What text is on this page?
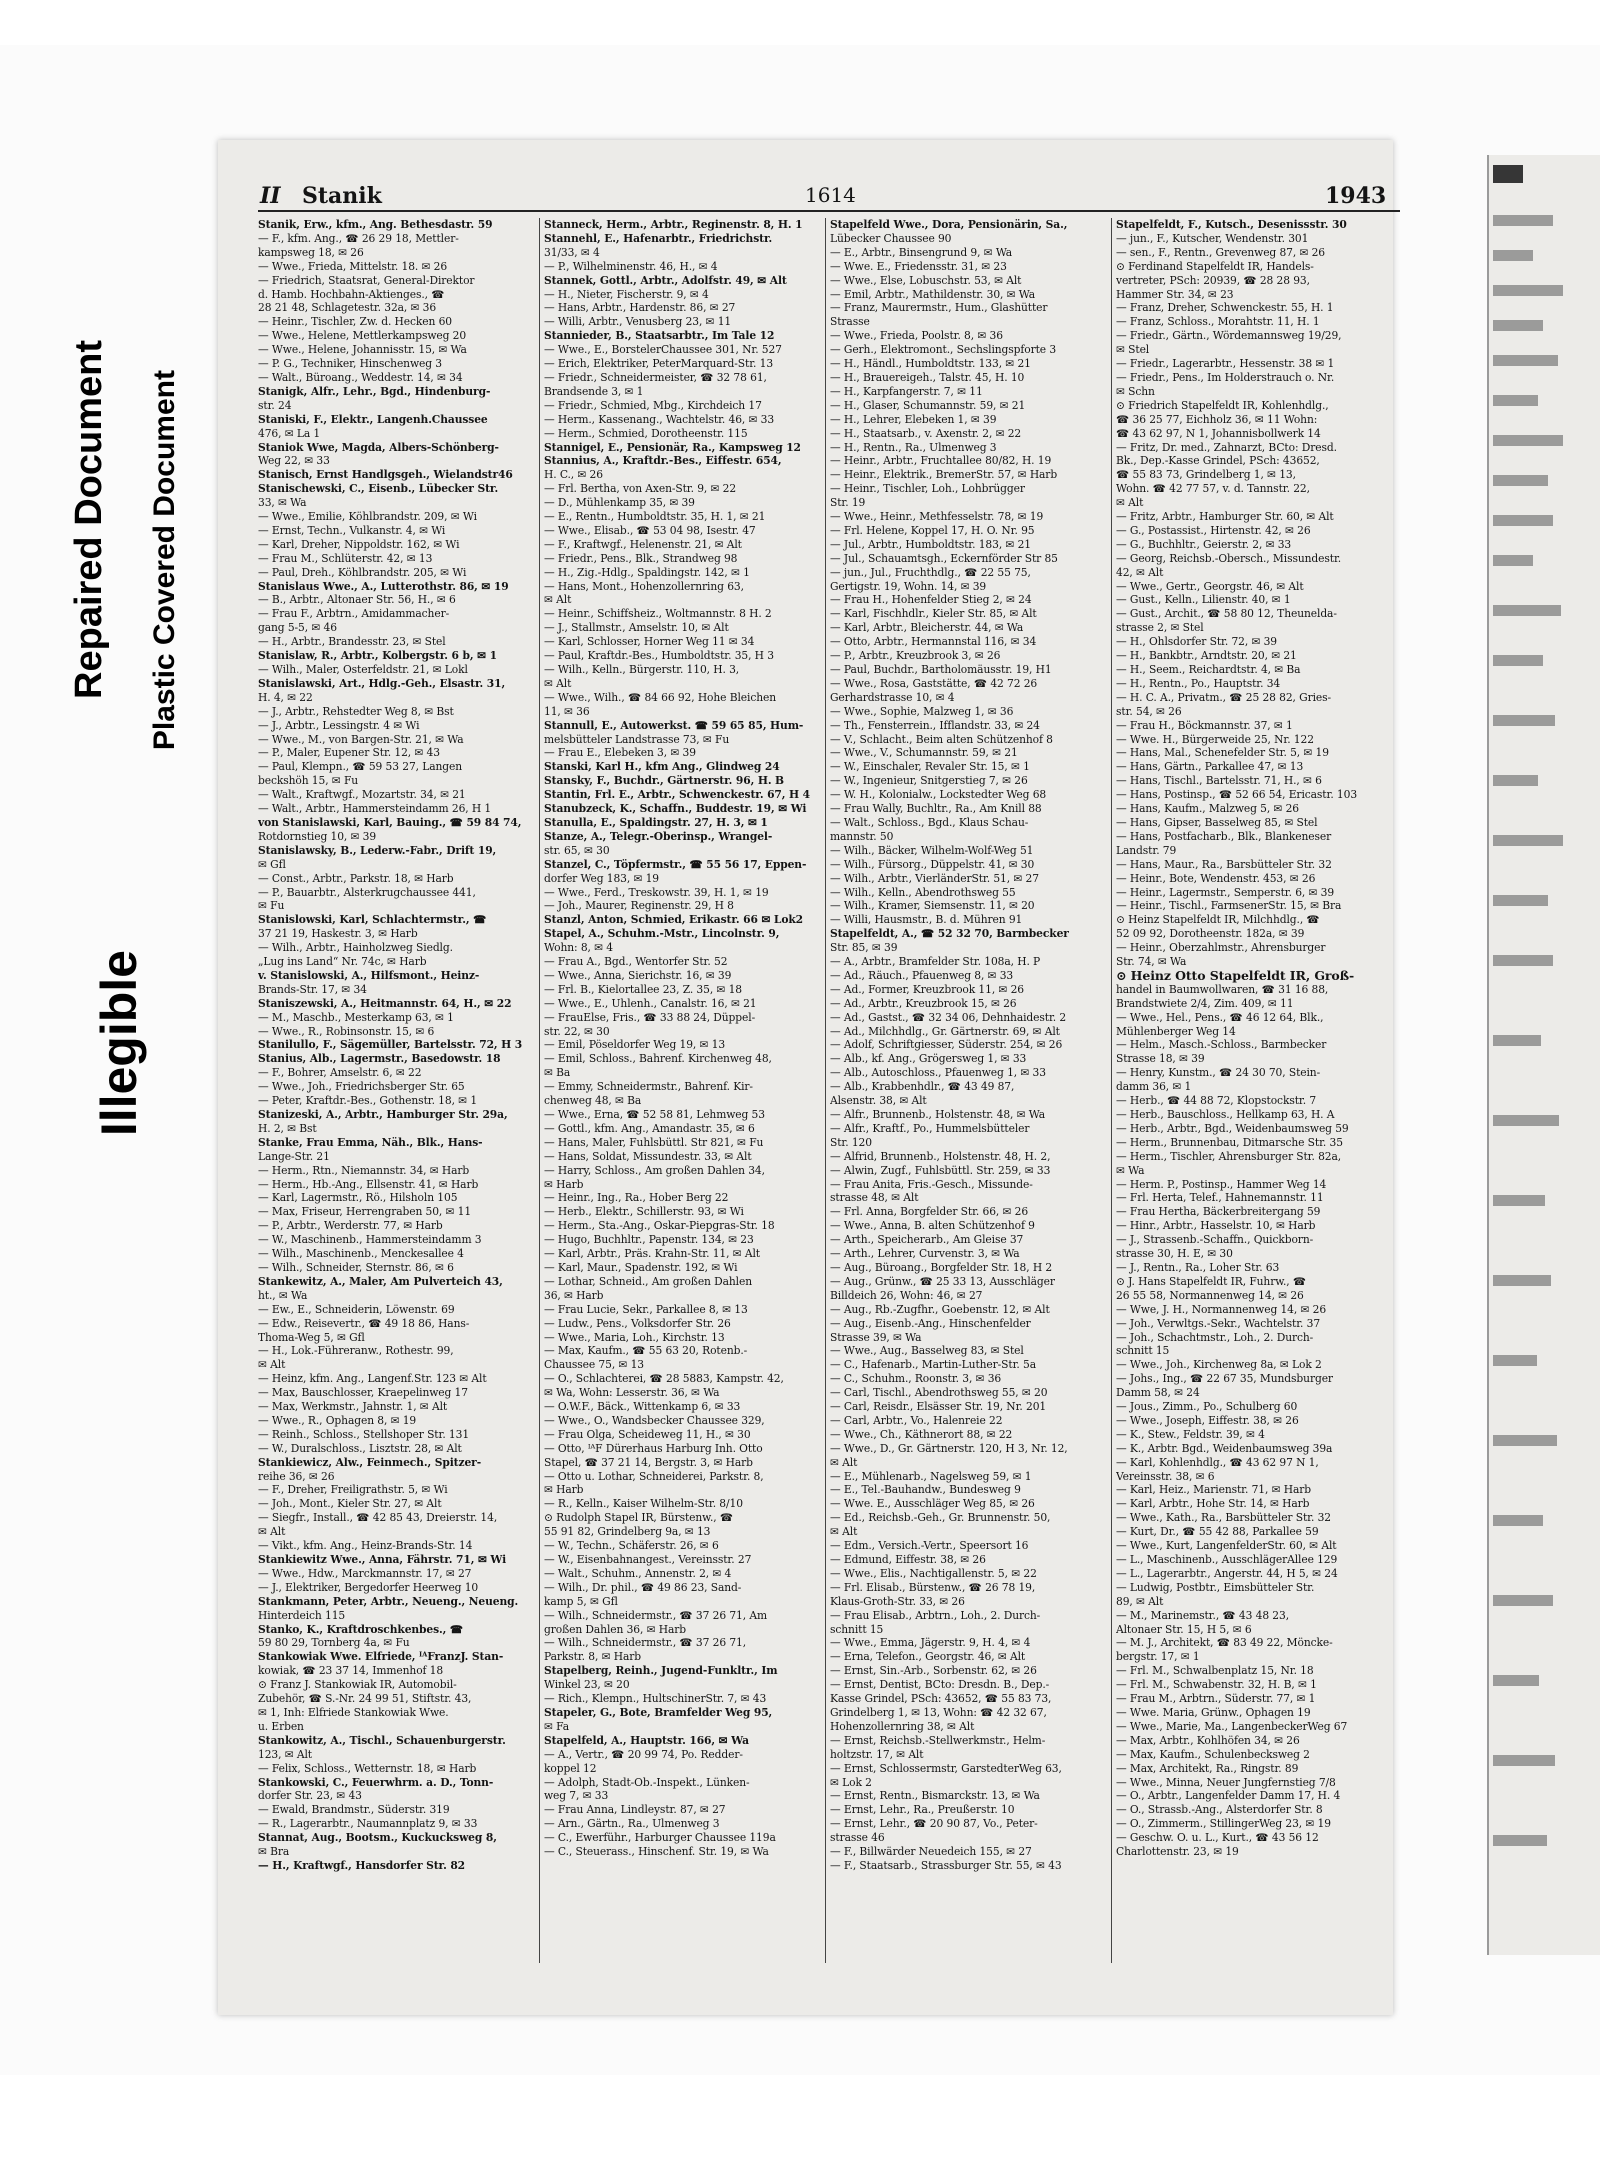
Repaired Document Plastic Covered Document
Illegible
II Stanik	1614	1943
Stanik, Erw., kfm., Ang. Bethesdastr. 59
— F., kfm. Ang., ☎ 26 29 18, Mettler-
kampsweg 18, ✉ 26
— Wwe., Frieda, Mittelstr. 18. ✉ 26
— Friedrich, Staatsrat, General-Direktor
d. Hamb. Hochbahn-Aktienges., ☎
28 21 48, Schlagetestr. 32a, ✉ 36
— Heinr., Tischler, Zw. d. Hecken 60
— Wwe., Helene, Mettlerkampsweg 20
— Wwe., Helene, Johannisstr. 15, ✉ Wa
— P. G., Techniker, Hinschenweg 3
— Walt., Büroang., Weddestr. 14, ✉ 34
Stanigk, Alfr., Lehr., Bgd., Hindenburg-
str. 24
Staniski, F., Elektr., Langenh.Chaussee
476, ✉ La 1
Staniok Wwe, Magda, Albers-Schönberg-
Weg 22, ✉ 33
Stanisch, Ernst Handlgsgeh., Wielandstr46
Stanischewski, C., Eisenb., Lübecker Str.
33, ✉ Wa
— Wwe., Emilie, Köhlbrandstr. 209, ✉ Wi
— Ernst, Techn., Vulkanstr. 4, ✉ Wi
— Karl, Dreher, Nippoldstr. 162, ✉ Wi
— Frau M., Schlüterstr. 42, ✉ 13
— Paul, Dreh., Köhlbrandstr. 205, ✉ Wi
Stanislaus Wwe., A., Lutterothstr. 86, ✉ 19
— B., Arbtr., Altonaer Str. 56, H., ✉ 6
— Frau F., Arbtrn., Amidammacher-
gang 5-5, ✉ 46
— H., Arbtr., Brandesstr. 23, ✉ Stel
Stanislaw, R., Arbtr., Kolbergstr. 6 b, ✉ 1
— Wilh., Maler, Osterfeldstr. 21, ✉ Lokl
Stanislawski, Art., Hdlg.-Geh., Elsastr. 31,
H. 4, ✉ 22
— J., Arbtr., Rehstedter Weg 8, ✉ Bst
— J., Arbtr., Lessingstr. 4 ✉ Wi
— Wwe., M., von Bargen-Str. 21, ✉ Wa
— P., Maler, Eupener Str. 12, ✉ 43
— Paul, Klempn., ☎ 59 53 27, Langen
beckshöh 15, ✉ Fu
— Walt., Kraftwgf., Mozartstr. 34, ✉ 21
— Walt., Arbtr., Hammersteindamm 26, H 1
von Stanislawski, Karl, Bauing., ☎ 59 84 74,
Rotdornstieg 10, ✉ 39
Stanislawsky, B., Lederw.-Fabr., Drift 19,
✉ Gfl
— Const., Arbtr., Parkstr. 18, ✉ Harb
— P., Bauarbtr., Alsterkrugchaussee 441,
✉ Fu
Stanislowski, Karl, Schlachtermstr., ☎
37 21 19, Haskestr. 3, ✉ Harb
— Wilh., Arbtr., Hainholzweg Siedlg.
„Lug ins Land“ Nr. 74c, ✉ Harb
v. Stanislowski, A., Hilfsmont., Heinz-
Brands-Str. 17, ✉ 34
Staniszewski, A., Heitmannstr. 64, H., ✉ 22
— M., Maschb., Mesterkamp 63, ✉ 1
— Wwe., R., Robinsonstr. 15, ✉ 6
Stanilullo, F., Sägemüller, Bartelsstr. 72, H 3
Stanius, Alb., Lagermstr., Basedowstr. 18
— F., Bohrer, Amselstr. 6, ✉ 22
— Wwe., Joh., Friedrichsberger Str. 65
— Peter, Kraftdr.-Bes., Gothenstr. 18, ✉ 1
Stanizeski, A., Arbtr., Hamburger Str. 29a,
H. 2, ✉ Bst
Stanke, Frau Emma, Näh., Blk., Hans-
Lange-Str. 21
— Herm., Rtn., Niemannstr. 34, ✉ Harb
— Herm., Hb.-Ang., Ellsenstr. 41, ✉ Harb
— Karl, Lagermstr., Rö., Hilsholn 105
— Max, Friseur, Herrengraben 50, ✉ 11
— P., Arbtr., Werderstr. 77, ✉ Harb
— W., Maschinenb., Hammersteindamm 3
— Wilh., Maschinenb., Menckesallee 4
— Wilh., Schneider, Sternstr. 86, ✉ 6
Stankewitz, A., Maler, Am Pulverteich 43,
ht., ✉ Wa
— Ew., E., Schneiderin, Löwenstr. 69
— Edw., Reisevertr., ☎ 49 18 86, Hans-
Thoma-Weg 5, ✉ Gfl
— H., Lok.-Führeranw., Rothestr. 99,
✉ Alt
— Heinz, kfm. Ang., Langenf.Str. 123 ✉ Alt
— Max, Bauschlosser, Kraepelinweg 17
— Max, Werkmstr., Jahnstr. 1, ✉ Alt
— Wwe., R., Ophagen 8, ✉ 19
— Reinh., Schloss., Stellshoper Str. 131
— W., Duralschloss., Lisztstr. 28, ✉ Alt
Stankiewicz, Alw., Feinmech., Spitzer-
reihe 36, ✉ 26
— F., Dreher, Freiligrathstr. 5, ✉ Wi
— Joh., Mont., Kieler Str. 27, ✉ Alt
— Siegfr., Install., ☎ 42 85 43, Dreierstr. 14,
✉ Alt
— Vikt., kfm. Ang., Heinz-Brands-Str. 14
Stankiewitz Wwe., Anna, Fährstr. 71, ✉ Wi
— Wwe., Hdw., Marckmannstr. 17, ✉ 27
— J., Elektriker, Bergedorfer Heerweg 10
Stankmann, Peter, Arbtr., Neueng., Neueng.
Hinterdeich 115
Stanko, K., Kraftdroschkenbes., ☎
59 80 29, Tornberg 4a, ✉ Fu
Stankowiak Wwe. Elfriede, ᴵᴬFranzJ. Stan-
kowiak, ☎ 23 37 14, Immenhof 18
⊙ Franz J. Stankowiak IR, Automobil-
Zubehör, ☎ S.-Nr. 24 99 51, Stiftstr. 43,
✉ 1, Inh: Elfriede Stankowiak Wwe.
u. Erben
Stankowitz, A., Tischl., Schauenburgerstr.
123, ✉ Alt
— Felix, Schloss., Wetternstr. 18, ✉ Harb
Stankowski, C., Feuerwhrm. a. D., Tonn-
dorfer Str. 23, ✉ 43
— Ewald, Brandmstr., Süderstr. 319
— R., Lagerarbtr., Naumannplatz 9, ✉ 33
Stannat, Aug., Bootsm., Kuckucksweg 8,
✉ Bra
— H., Kraftwgf., Hansdorfer Str. 82
Stanneck, Herm., Arbtr., Reginenstr. 8, H. 1
Stannehl, E., Hafenarbtr., Friedrichstr.
31/33, ✉ 4
— P., Wilhelminenstr. 46, H., ✉ 4
Stannek, Gottl., Arbtr., Adolfstr. 49, ✉ Alt
— H., Nieter, Fischerstr. 9, ✉ 4
— Hans, Arbtr., Hardenstr. 86, ✉ 27
— Willi, Arbtr., Venusberg 23, ✉ 11
Stannieder, B., Staatsarbtr., Im Tale 12
— Wwe., E., BorstelerChaussee 301, Nr. 527
— Erich, Elektriker, PeterMarquard-Str. 13
— Friedr., Schneidermeister, ☎ 32 78 61,
Brandsende 3, ✉ 1
— Friedr., Schmied, Mbg., Kirchdeich 17
— Herm., Kassenang., Wachtelstr. 46, ✉ 33
— Herm., Schmied, Dorotheenstr. 115
Stannigel, E., Pensionär, Ra., Kampsweg 12
Stannius, A., Kraftdr.-Bes., Eiffestr. 654,
H. C., ✉ 26
— Frl. Bertha, von Axen-Str. 9, ✉ 22
— D., Mühlenkamp 35, ✉ 39
— E., Rentn., Humboldtstr. 35, H. 1, ✉ 21
— Wwe., Elisab., ☎ 53 04 98, Isestr. 47
— F., Kraftwgf., Helenenstr. 21, ✉ Alt
— Friedr., Pens., Blk., Strandweg 98
— H., Zig.-Hdlg., Spaldingstr. 142, ✉ 1
— Hans, Mont., Hohenzollernring 63,
✉ Alt
— Heinr., Schiffsheiz., Woltmannstr. 8 H. 2
— J., Stallmstr., Amselstr. 10, ✉ Alt
— Karl, Schlosser, Horner Weg 11 ✉ 34
— Paul, Kraftdr.-Bes., Humboldtstr. 35, H 3
— Wilh., Kelln., Bürgerstr. 110, H. 3,
✉ Alt
— Wwe., Wilh., ☎ 84 66 92, Hohe Bleichen
11, ✉ 36
Stannull, E., Autowerkst. ☎ 59 65 85, Hum-
melsbütteler Landstrasse 73, ✉ Fu
— Frau E., Elebeken 3, ✉ 39
Stanski, Karl H., kfm Ang., Glindweg 24
Stansky, F., Buchdr., Gärtnerstr. 96, H. B
Stantin, Frl. E., Arbtr., Schwenckestr. 67, H 4
Stanubzeck, K., Schaffn., Buddestr. 19, ✉ Wi
Stanulla, E., Spaldingstr. 27, H. 3, ✉ 1
Stanze, A., Telegr.-Oberinsp., Wrangel-
str. 65, ✉ 30
Stanzel, C., Töpfermstr., ☎ 55 56 17, Eppen-
dorfer Weg 183, ✉ 19
— Wwe., Ferd., Treskowstr. 39, H. 1, ✉ 19
— Joh., Maurer, Reginenstr. 29, H 8
Stanzl, Anton, Schmied, Erikastr. 66 ✉ Lok2
Stapel, A., Schuhm.-Mstr., Lincolnstr. 9,
Wohn: 8, ✉ 4
— Frau A., Bgd., Wentorfer Str. 52
— Wwe., Anna, Sierichstr. 16, ✉ 39
— Frl. B., Kielortallee 23, Z. 35, ✉ 18
— Wwe., E., Uhlenh., Canalstr. 16, ✉ 21
— FrauElse, Fris., ☎ 33 88 24, Düppel-
str. 22, ✉ 30
— Emil, Pöseldorfer Weg 19, ✉ 13
— Emil, Schloss., Bahrenf. Kirchenweg 48,
✉ Ba
— Emmy, Schneidermstr., Bahrenf. Kir-
chenweg 48, ✉ Ba
— Wwe., Erna, ☎ 52 58 81, Lehmweg 53
— Gottl., kfm. Ang., Amandastr. 35, ✉ 6
— Hans, Maler, Fuhlsbüttl. Str 821, ✉ Fu
— Hans, Soldat, Missundestr. 33, ✉ Alt
— Harry, Schloss., Am großen Dahlen 34,
✉ Harb
— Heinr., Ing., Ra., Hober Berg 22
— Herb., Elektr., Schillerstr. 93, ✉ Wi
— Herm., Sta.-Ang., Oskar-Piepgras-Str. 18
— Hugo, Buchhltr., Papenstr. 134, ✉ 23
— Karl, Arbtr., Präs. Krahn-Str. 11, ✉ Alt
— Karl, Maur., Spadenstr. 192, ✉ Wi
— Lothar, Schneid., Am großen Dahlen
36, ✉ Harb
— Frau Lucie, Sekr., Parkallee 8, ✉ 13
— Ludw., Pens., Volksdorfer Str. 26
— Wwe., Maria, Loh., Kirchstr. 13
— Max, Kaufm., ☎ 55 63 20, Rotenb.-
Chaussee 75, ✉ 13
— O., Schlachterei, ☎ 28 5883, Kampstr. 42,
✉ Wa, Wohn: Lesserstr. 36, ✉ Wa
— O.W.F., Bäck., Wittenkamp 6, ✉ 33
— Wwe., O., Wandsbecker Chaussee 329,
— Frau Olga, Scheideweg 11, H., ✉ 30
— Otto, ᴵᴬF Dürerhaus Harburg Inh. Otto
Stapel, ☎ 37 21 14, Bergstr. 3, ✉ Harb
— Otto u. Lothar, Schneiderei, Parkstr. 8,
✉ Harb
— R., Kelln., Kaiser Wilhelm-Str. 8/10
⊙ Rudolph Stapel IR, Bürstenw., ☎
55 91 82, Grindelberg 9a, ✉ 13
— W., Techn., Schäferstr. 26, ✉ 6
— W., Eisenbahnangest., Vereinsstr. 27
— Walt., Schuhm., Annenstr. 2, ✉ 4
— Wilh., Dr. phil., ☎ 49 86 23, Sand-
kamp 5, ✉ Gfl
— Wilh., Schneidermstr., ☎ 37 26 71, Am
großen Dahlen 36, ✉ Harb
— Wilh., Schneidermstr., ☎ 37 26 71,
Parkstr. 8, ✉ Harb
Stapelberg, Reinh., Jugend-Funkltr., Im
Winkel 23, ✉ 20
— Rich., Klempn., HultschinerStr. 7, ✉ 43
Stapeler, G., Bote, Bramfelder Weg 95,
✉ Fa
Stapelfeld, A., Hauptstr. 166, ✉ Wa
— A., Vertr., ☎ 20 99 74, Po. Redder-
koppel 12
— Adolph, Stadt-Ob.-Inspekt., Lünken-
weg 7, ✉ 33
— Frau Anna, Lindleystr. 87, ✉ 27
— Arn., Gärtn., Ra., Ulmenweg 3
— C., Ewerführ., Harburger Chaussee 119a
— C., Steuerass., Hinschenf. Str. 19, ✉ Wa
Stapelfeld Wwe., Dora, Pensionärin, Sa.,
Lübecker Chaussee 90
— E., Arbtr., Binsengrund 9, ✉ Wa
— Wwe. E., Friedensstr. 31, ✉ 23
— Wwe., Else, Lobuschstr. 53, ✉ Alt
— Emil, Arbtr., Mathildenstr. 30, ✉ Wa
— Franz, Maurermstr., Hum., Glashütter
Strasse
— Wwe., Frieda, Poolstr. 8, ✉ 36
— Gerh., Elektromont., Sechslingspforte 3
— H., Händl., Humboldtstr. 133, ✉ 21
— H., Brauereigeh., Talstr. 45, H. 10
— H., Karpfangerstr. 7, ✉ 11
— H., Glaser, Schumannstr. 59, ✉ 21
— H., Lehrer, Elebeken 1, ✉ 39
— H., Staatsarb., v. Axenstr. 2, ✉ 22
— H., Rentn., Ra., Ulmenweg 3
— Heinr., Arbtr., Fruchtallee 80/82, H. 19
— Heinr., Elektrik., BremerStr. 57, ✉ Harb
— Heinr., Tischler, Loh., Lohbrügger
Str. 19
— Wwe., Heinr., Methfesselstr. 78, ✉ 19
— Frl. Helene, Koppel 17, H. O. Nr. 95
— Jul., Arbtr., Humboldtstr. 183, ✉ 21
— Jul., Schauamtsgh., Eckernförder Str 85
— jun., Jul., Fruchthdlg., ☎ 22 55 75,
Gertigstr. 19, Wohn. 14, ✉ 39
— Frau H., Hohenfelder Stieg 2, ✉ 24
— Karl, Fischhdlr., Kieler Str. 85, ✉ Alt
— Karl, Arbtr., Bleicherstr. 44, ✉ Wa
— Otto, Arbtr., Hermannstal 116, ✉ 34
— P., Arbtr., Kreuzbrook 3, ✉ 26
— Paul, Buchdr., Bartholomäusstr. 19, H1
— Wwe., Rosa, Gaststätte, ☎ 42 72 26
Gerhardstrasse 10, ✉ 4
— Wwe., Sophie, Malzweg 1, ✉ 36
— Th., Fensterrein., Ifflandstr. 33, ✉ 24
— V., Schlacht., Beim alten Schützenhof 8
— Wwe., V., Schumannstr. 59, ✉ 21
— W., Einschaler, Revaler Str. 15, ✉ 1
— W., Ingenieur, Snitgerstieg 7, ✉ 26
— W. H., Kolonialw., Lockstedter Weg 68
— Frau Wally, Buchltr., Ra., Am Knill 88
— Walt., Schloss., Bgd., Klaus Schau-
mannstr. 50
— Wilh., Bäcker, Wilhelm-Wolf-Weg 51
— Wilh., Fürsorg., Düppelstr. 41, ✉ 30
— Wilh., Arbtr., VierländerStr. 51, ✉ 27
— Wilh., Kelln., Abendrothsweg 55
— Wilh., Kramer, Siemsenstr. 11, ✉ 20
— Willi, Hausmstr., B. d. Mühren 91
Stapelfeldt, A., ☎ 52 32 70, Barmbecker
Str. 85, ✉ 39
— A., Arbtr., Bramfelder Str. 108a, H. P
— Ad., Räuch., Pfauenweg 8, ✉ 33
— Ad., Former, Kreuzbrook 11, ✉ 26
— Ad., Arbtr., Kreuzbrook 15, ✉ 26
— Ad., Gastst., ☎ 32 34 06, Dehnhaidestr. 2
— Ad., Milchhdlg., Gr. Gärtnerstr. 69, ✉ Alt
— Adolf, Schriftgiesser, Süderstr. 254, ✉ 26
— Alb., kf. Ang., Grögersweg 1, ✉ 33
— Alb., Autoschloss., Pfauenweg 1, ✉ 33
— Alb., Krabbenhdlr., ☎ 43 49 87,
Alsenstr. 38, ✉ Alt
— Alfr., Brunnenb., Holstenstr. 48, ✉ Wa
— Alfr., Kraftf., Po., Hummelsbütteler
Str. 120
— Alfrid, Brunnenb., Holstenstr. 48, H. 2,
— Alwin, Zugf., Fuhlsbüttl. Str. 259, ✉ 33
— Frau Anita, Fris.-Gesch., Missunde-
strasse 48, ✉ Alt
— Frl. Anna, Borgfelder Str. 66, ✉ 26
— Wwe., Anna, B. alten Schützenhof 9
— Arth., Speicherarb., Am Gleise 37
— Arth., Lehrer, Curvenstr. 3, ✉ Wa
— Aug., Büroang., Borgfelder Str. 18, H 2
— Aug., Grünw., ☎ 25 33 13, Ausschläger
Billdeich 26, Wohn: 46, ✉ 27
— Aug., Rb.-Zugfhr., Goebenstr. 12, ✉ Alt
— Aug., Eisenb.-Ang., Hinschenfelder
Strasse 39, ✉ Wa
— Wwe., Aug., Basselweg 83, ✉ Stel
— C., Hafenarb., Martin-Luther-Str. 5a
— C., Schuhm., Roonstr. 3, ✉ 36
— Carl, Tischl., Abendrothsweg 55, ✉ 20
— Carl, Reisdr., Elsässer Str. 19, Nr. 201
— Carl, Arbtr., Vo., Halenreie 22
— Wwe., Ch., Käthnerort 88, ✉ 22
— Wwe., D., Gr. Gärtnerstr. 120, H 3, Nr. 12,
✉ Alt
— E., Mühlenarb., Nagelsweg 59, ✉ 1
— E., Tel.-Bauhandw., Bundesweg 9
— Wwe. E., Ausschläger Weg 85, ✉ 26
— Ed., Reichsb.-Geh., Gr. Brunnenstr. 50,
✉ Alt
— Edm., Versich.-Vertr., Speersort 16
— Edmund, Eiffestr. 38, ✉ 26
— Wwe., Elis., Nachtigallenstr. 5, ✉ 22
— Frl. Elisab., Bürstenw., ☎ 26 78 19,
Klaus-Groth-Str. 33, ✉ 26
— Frau Elisab., Arbtrn., Loh., 2. Durch-
schnitt 15
— Wwe., Emma, Jägerstr. 9, H. 4, ✉ 4
— Erna, Telefon., Georgstr. 46, ✉ Alt
— Ernst, Sin.-Arb., Sorbenstr. 62, ✉ 26
— Ernst, Dentist, BCto: Dresdn. B., Dep.-
Kasse Grindel, PSch: 43652, ☎ 55 83 73,
Grindelberg 1, ✉ 13, Wohn: ☎ 42 32 67,
Hohenzollernring 38, ✉ Alt
— Ernst, Reichsb.-Stellwerkmstr., Helm-
holtzstr. 17, ✉ Alt
— Ernst, Schlossermstr, GarstedterWeg 63,
✉ Lok 2
— Ernst, Rentn., Bismarckstr. 13, ✉ Wa
— Ernst, Lehr., Ra., Preußerstr. 10
— Ernst, Lehr., ☎ 20 90 87, Vo., Peter-
strasse 46
— F., Billwärder Neuedeich 155, ✉ 27
— F., Staatsarb., Strassburger Str. 55, ✉ 43
Stapelfeldt, F., Kutsch., Desenissstr. 30
— jun., F., Kutscher, Wendenstr. 301
— sen., F., Rentn., Grevenweg 87, ✉ 26
⊙ Ferdinand Stapelfeldt IR, Handels-
vertreter, PSch: 20939, ☎ 28 28 93,
Hammer Str. 34, ✉ 23
— Franz, Dreher, Schwenckestr. 55, H. 1
— Franz, Schloss., Morahtstr. 11, H. 1
— Friedr., Gärtn., Wördemannsweg 19/29,
✉ Stel
— Friedr., Lagerarbtr., Hessenstr. 38 ✉ 1
— Friedr., Pens., Im Holderstrauch o. Nr.
✉ Schn
⊙ Friedrich Stapelfeldt IR, Kohlenhdlg.,
☎ 36 25 77, Eichholz 36, ✉ 11 Wohn:
☎ 43 62 97, N 1, Johannisbollwerk 14
— Fritz, Dr. med., Zahnarzt, BCto: Dresd.
Bk., Dep.-Kasse Grindel, PSch: 43652,
☎ 55 83 73, Grindelberg 1, ✉ 13,
Wohn. ☎ 42 77 57, v. d. Tannstr. 22,
✉ Alt
— Fritz, Arbtr., Hamburger Str. 60, ✉ Alt
— G., Postassist., Hirtenstr. 42, ✉ 26
— G., Buchhltr., Geierstr. 2, ✉ 33
— Georg, Reichsb.-Obersch., Missundestr.
42, ✉ Alt
— Wwe., Gertr., Georgstr. 46, ✉ Alt
— Gust., Kelln., Lilienstr. 40, ✉ 1
— Gust., Archit., ☎ 58 80 12, Theunelda-
strasse 2, ✉ Stel
— H., Ohlsdorfer Str. 72, ✉ 39
— H., Bankbtr., Arndtstr. 20, ✉ 21
— H., Seem., Reichardtstr. 4, ✉ Ba
— H., Rentn., Po., Hauptstr. 34
— H. C. A., Privatm., ☎ 25 28 82, Gries-
str. 54, ✉ 26
— Frau H., Böckmannstr. 37, ✉ 1
— Wwe. H., Bürgerweide 25, Nr. 122
— Hans, Mal., Schenefelder Str. 5, ✉ 19
— Hans, Gärtn., Parkallee 47, ✉ 13
— Hans, Tischl., Bartelsstr. 71, H., ✉ 6
— Hans, Postinsp., ☎ 52 66 54, Ericastr. 103
— Hans, Kaufm., Malzweg 5, ✉ 26
— Hans, Gipser, Basselweg 85, ✉ Stel
— Hans, Postfacharb., Blk., Blankeneser
Landstr. 79
— Hans, Maur., Ra., Barsbütteler Str. 32
— Heinr., Bote, Wendenstr. 453, ✉ 26
— Heinr., Lagermstr., Semperstr. 6, ✉ 39
— Heinr., Tischl., FarmsenerStr. 15, ✉ Bra
⊙ Heinz Stapelfeldt IR, Milchhdlg., ☎
52 09 92, Dorotheenstr. 182a, ✉ 39
— Heinr., Oberzahlmstr., Ahrensburger
Str. 74, ✉ Wa
⊙ Heinz Otto Stapelfeldt IR, Groß-
handel in Baumwollwaren, ☎ 31 16 88,
Brandstwiete 2/4, Zim. 409, ✉ 11
— Wwe., Hel., Pens., ☎ 46 12 64, Blk.,
Mühlenberger Weg 14
— Helm., Masch.-Schloss., Barmbecker
Strasse 18, ✉ 39
— Henry, Kunstm., ☎ 24 30 70, Stein-
damm 36, ✉ 1
— Herb., ☎ 44 88 72, Klopstockstr. 7
— Herb., Bauschloss., Hellkamp 63, H. A
— Herb., Arbtr., Bgd., Weidenbaumsweg 59
— Herm., Brunnenbau, Ditmarsche Str. 35
— Herm., Tischler, Ahrensburger Str. 82a,
✉ Wa
— Herm. P., Postinsp., Hammer Weg 14
— Frl. Herta, Telef., Hahnemannstr. 11
— Frau Hertha, Bäckerbreitergang 59
— Hinr., Arbtr., Hasselstr. 10, ✉ Harb
— J., Strassenb.-Schaffn., Quickborn-
strasse 30, H. E, ✉ 30
— J., Rentn., Ra., Loher Str. 63
⊙ J. Hans Stapelfeldt IR, Fuhrw., ☎
26 55 58, Normannenweg 14, ✉ 26
— Wwe, J. H., Normannenweg 14, ✉ 26
— Joh., Verwltgs.-Sekr., Wachtelstr. 37
— Joh., Schachtmstr., Loh., 2. Durch-
schnitt 15
— Wwe., Joh., Kirchenweg 8a, ✉ Lok 2
— Johs., Ing., ☎ 22 67 35, Mundsburger
Damm 58, ✉ 24
— Jous., Zimm., Po., Schulberg 60
— Wwe., Joseph, Eiffestr. 38, ✉ 26
— K., Stew., Feldstr. 39, ✉ 4
— K., Arbtr. Bgd., Weidenbaumsweg 39a
— Karl, Kohlenhdlg., ☎ 43 62 97 N 1,
Vereinsstr. 38, ✉ 6
— Karl, Heiz., Marienstr. 71, ✉ Harb
— Karl, Arbtr., Hohe Str. 14, ✉ Harb
— Wwe., Kath., Ra., Barsbütteler Str. 32
— Kurt, Dr., ☎ 55 42 88, Parkallee 59
— Wwe., Kurt, LangenfelderStr. 60, ✉ Alt
— L., Maschinenb., AusschlägerAllee 129
— L., Lagerarbtr., Angerstr. 44, H 5, ✉ 24
— Ludwig, Postbtr., Eimsbütteler Str.
89, ✉ Alt
— M., Marinemstr., ☎ 43 48 23,
Altonaer Str. 15, H 5, ✉ 6
— M. J., Architekt, ☎ 83 49 22, Mönckе-
bergstr. 17, ✉ 1
— Frl. M., Schwalbenplatz 15, Nr. 18
— Frl. M., Schwabenstr. 32, H. B, ✉ 1
— Frau M., Arbtrn., Süderstr. 77, ✉ 1
— Wwe. Maria, Grünw., Ophagen 19
— Wwe., Marie, Ma., LangenbeckerWeg 67
— Max, Arbtr., Kohlhöfen 34, ✉ 26
— Max, Kaufm., Schulenbecksweg 2
— Max, Architekt, Ra., Ringstr. 89
— Wwe., Minna, Neuer Jungfernstieg 7/8
— O., Arbtr., Langenfelder Damm 17, H. 4
— O., Strassb.-Ang., Alsterdorfer Str. 8
— O., Zimmerm., StillingerWeg 23, ✉ 19
— Geschw. O. u. L., Kurt., ☎ 43 56 12
Charlottenstr. 23, ✉ 19
